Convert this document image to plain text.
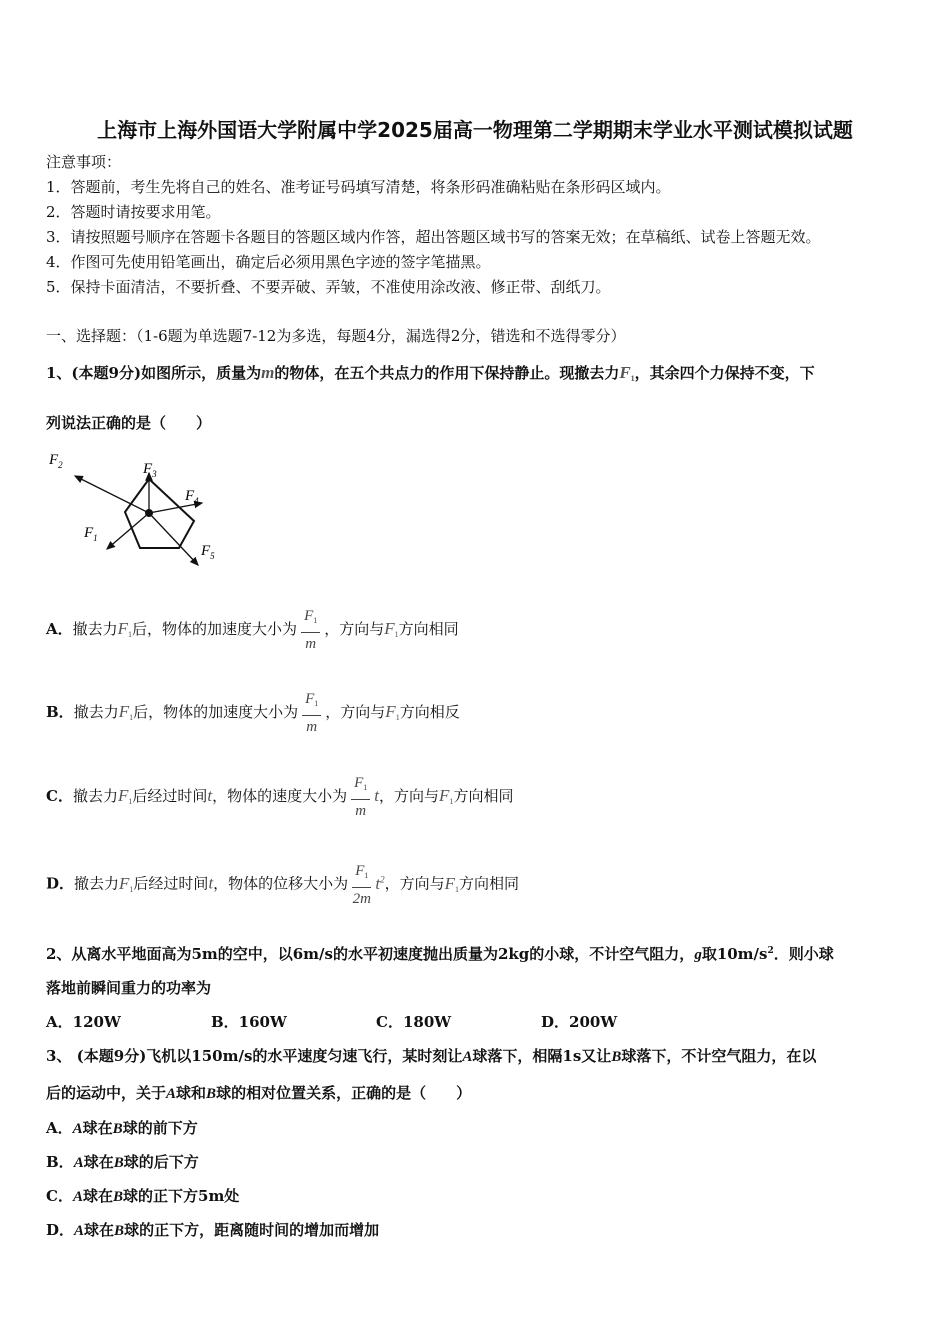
上海市上海外国语大学附属中学2025届高一物理第二学期期末学业水平测试模拟试题
注意事项：
1．答题前，考生先将自己的姓名、准考证号码填写清楚，将条形码准确粘贴在条形码区域内。
2．答题时请按要求用笔。
3．请按照题号顺序在答题卡各题目的答题区域内作答，超出答题区域书写的答案无效；在草稿纸、试卷上答题无效。
4．作图可先使用铅笔画出，确定后必须用黑色字迹的签字笔描黑。
5．保持卡面清洁，不要折叠、不要弄破、弄皱，不准使用涂改液、修正带、刮纸刀。
一、选择题：（1-6题为单选题7-12为多选，每题4分，漏选得2分，错选和不选得零分）
1、(本题9分)如图所示，质量为m的物体，在五个共点力的作用下保持静止。现撤去力$F_1$，其余四个力保持不变，下
列说法正确的是（　　）
$F_2$	$F_3$
$F_4$
$F_1$
$F_5$
A．撤去力$F_1$后，物体的加速度大小为 $\frac{F_1}{m}$ ，方向与$F_1$方向相同
B．撤去力$F_1$后，物体的加速度大小为 $\frac{F_1}{m}$ ，方向与$F_1$方向相反
C．撤去力$F_1$后经过时间t，物体的速度大小为 $\frac{F_1}{m}$ t，方向与$F_1$方向相同
D．撤去力$F_1$后经过时间t，物体的位移大小为 $\frac{F_1}{2m} t^2$，方向与$F_1$方向相同
2、从离水平地面高为5m的空中，以6m/s的水平初速度抛出质量为2kg的小球，不计空气阻力，g取$10m/s^2$．则小球
落地前瞬间重力的功率为
A．120W	B．160W	C．180W	D．200W
3、 (本题9分)飞机以150m/s的水平速度匀速飞行，某时刻让A球落下，相隔1s又让B球落下，不计空气阻力，在以
后的运动中，关于A球和B球的相对位置关系，正确的是（　　）
A．A球在B球的前下方
B．A球在B球的后下方
C．A球在B球的正下方5m处
D．A球在B球的正下方，距离随时间的增加而增加
